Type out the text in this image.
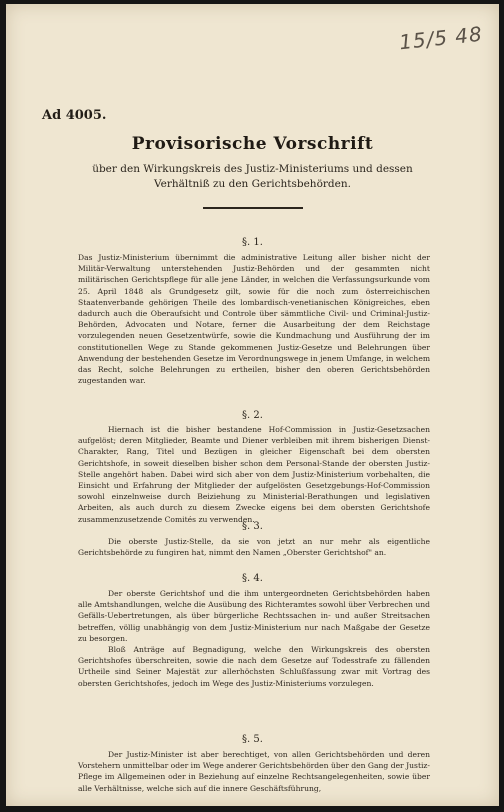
15/5 48
Ad 4005.
Provisorische Vorschrift
über den Wirkungskreis des Justiz-Ministeriums und dessen Verhältniß zu den Gerichtsbehörden.
§. 1.

Das Justiz-Ministerium übernimmt die administrative Leitung aller bisher nicht der Militär-Verwaltung unterstehenden Justiz-Behörden und der gesammten nicht militärischen Gerichtspflege für alle jene Länder, in welchen die Verfassungsurkunde vom 25. April 1848 als Grundgesetz gilt, sowie für die noch zum österreichischen Staatenverbande gehörigen Theile des lombardisch-venetianischen Königreiches, eben dadurch auch die Oberaufsicht und Controle über sämmtliche Civil- und Criminal-Justiz-Behörden, Advocaten und Notare, ferner die Ausarbeitung der dem Reichstage vorzulegenden neuen Gesetzentwürfe, sowie die Kundmachung und Ausführung der im constitutionellen Wege zu Stande gekommenen Justiz-Gesetze und Belehrungen über Anwendung der bestehenden Gesetze im Verordnungswege in jenem Umfange, in welchem das Recht, solche Belehrungen zu ertheilen, bisher den oberen Gerichtsbehörden zugestanden war.

§. 2.

Hiernach ist die bisher bestandene Hof-Commission in Justiz-Gesetzsachen aufgelöst; deren Mitglieder, Beamte und Diener verbleiben mit ihrem bisherigen Dienst-Charakter, Rang, Titel und Bezügen in gleicher Eigenschaft bei dem obersten Gerichtshofe, in soweit dieselben bisher schon dem Personal-Stande der obersten Justiz-Stelle angehört haben. Dabei wird sich aber von dem Justiz-Ministerium vorbehalten, die Einsicht und Erfahrung der Mitglieder der aufgelösten Gesetzgebungs-Hof-Commission sowohl einzelnweise durch Beiziehung zu Ministerial-Berathungen und legislativen Arbeiten, als auch durch zu diesem Zwecke eigens bei dem obersten Gerichtshofe zusammenzusetzende Comités zu verwenden.

§. 3.

Die oberste Justiz-Stelle, da sie von jetzt an nur mehr als eigentliche Gerichtsbehörde zu fungiren hat, nimmt den Namen „Oberster Gerichtshof" an.

§. 4.

Der oberste Gerichtshof und die ihm untergeordneten Gerichtsbehörden haben alle Amtshandlungen, welche die Ausübung des Richteramtes sowohl über Verbrechen und Gefälls-Uebertretungen, als über bürgerliche Rechtssachen in- und außer Streitsachen betreffen, völlig unabhängig von dem Justiz-Ministerium nur nach Maßgabe der Gesetze zu besorgen.

Bloß Anträge auf Begnadigung, welche den Wirkungskreis des obersten Gerichtshofes überschreiten, sowie die nach dem Gesetze auf Todesstrafe zu fällenden Urtheile sind Seiner Majestät zur allerhöchsten Schlußfassung zwar mit Vortrag des obersten Gerichtshofes, jedoch im Wege des Justiz-Ministeriums vorzulegen.

§. 5.

Der Justiz-Minister ist aber berechtiget, von allen Gerichtsbehörden und deren Vorstehern unmittelbar oder im Wege anderer Gerichtsbehörden über den Gang der Justiz-Pflege im Allgemeinen oder in Beziehung auf einzelne Rechtsangelegenheiten, sowie über alle Verhältnisse, welche sich auf die innere Geschäftsführung,
